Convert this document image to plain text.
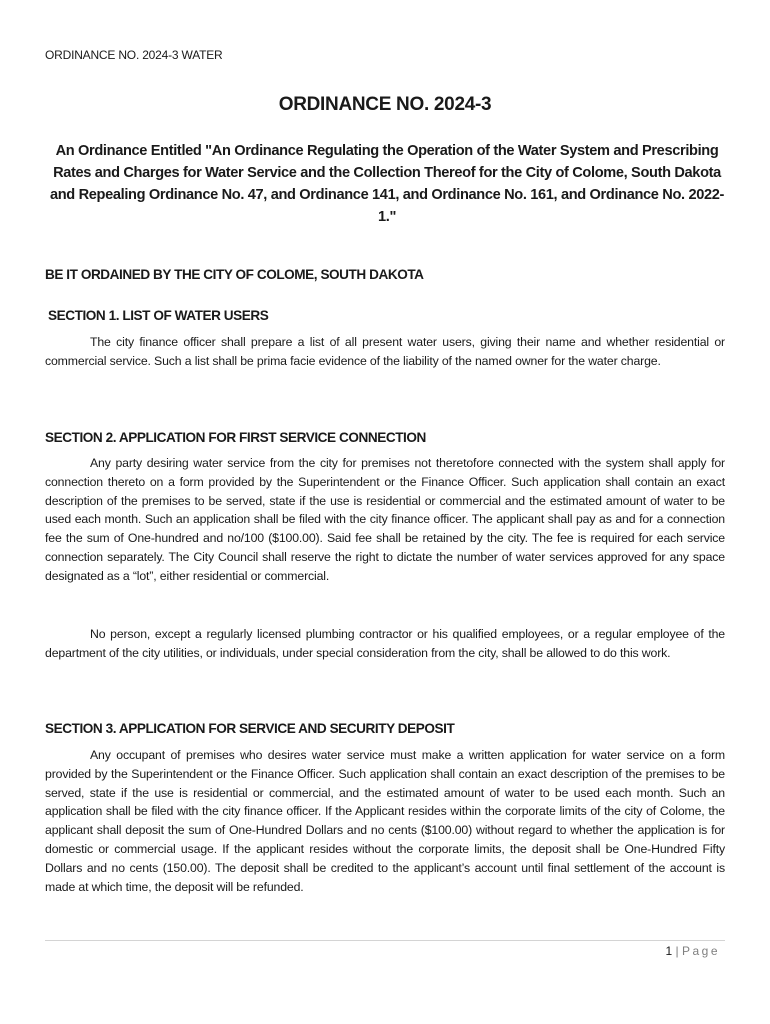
ORDINANCE NO. 2024-3 WATER
ORDINANCE NO. 2024-3
An Ordinance Entitled "An Ordinance Regulating the Operation of the Water System and Prescribing Rates and Charges for Water Service and the Collection Thereof for the City of Colome, South Dakota and Repealing Ordinance No. 47, and Ordinance 141, and Ordinance No. 161, and Ordinance No. 2022-1."
BE IT ORDAINED BY THE CITY OF COLOME, SOUTH DAKOTA
SECTION 1. LIST OF WATER USERS
The city finance officer shall prepare a list of all present water users, giving their name and whether residential or commercial service. Such a list shall be prima facie evidence of the liability of the named owner for the water charge.
SECTION 2. APPLICATION FOR FIRST SERVICE CONNECTION
Any party desiring water service from the city for premises not theretofore connected with the system shall apply for connection thereto on a form provided by the Superintendent or the Finance Officer. Such application shall contain an exact description of the premises to be served, state if the use is residential or commercial and the estimated amount of water to be used each month. Such an application shall be filed with the city finance officer. The applicant shall pay as and for a connection fee the sum of One-hundred and no/100 ($100.00). Said fee shall be retained by the city. The fee is required for each service connection separately. The City Council shall reserve the right to dictate the number of water services approved for any space designated as a “lot”, either residential or commercial.
No person, except a regularly licensed plumbing contractor or his qualified employees, or a regular employee of the department of the city utilities, or individuals, under special consideration from the city, shall be allowed to do this work.
SECTION 3. APPLICATION FOR SERVICE AND SECURITY DEPOSIT
Any occupant of premises who desires water service must make a written application for water service on a form provided by the Superintendent or the Finance Officer. Such application shall contain an exact description of the premises to be served, state if the use is residential or commercial, and the estimated amount of water to be used each month. Such an application shall be filed with the city finance officer. If the Applicant resides within the corporate limits of the city of Colome, the applicant shall deposit the sum of One-Hundred Dollars and no cents ($100.00) without regard to whether the application is for domestic or commercial usage. If the applicant resides without the corporate limits, the deposit shall be One-Hundred Fifty Dollars and no cents (150.00). The deposit shall be credited to the applicant’s account until final settlement of the account is made at which time, the deposit will be refunded.
1 | Page
